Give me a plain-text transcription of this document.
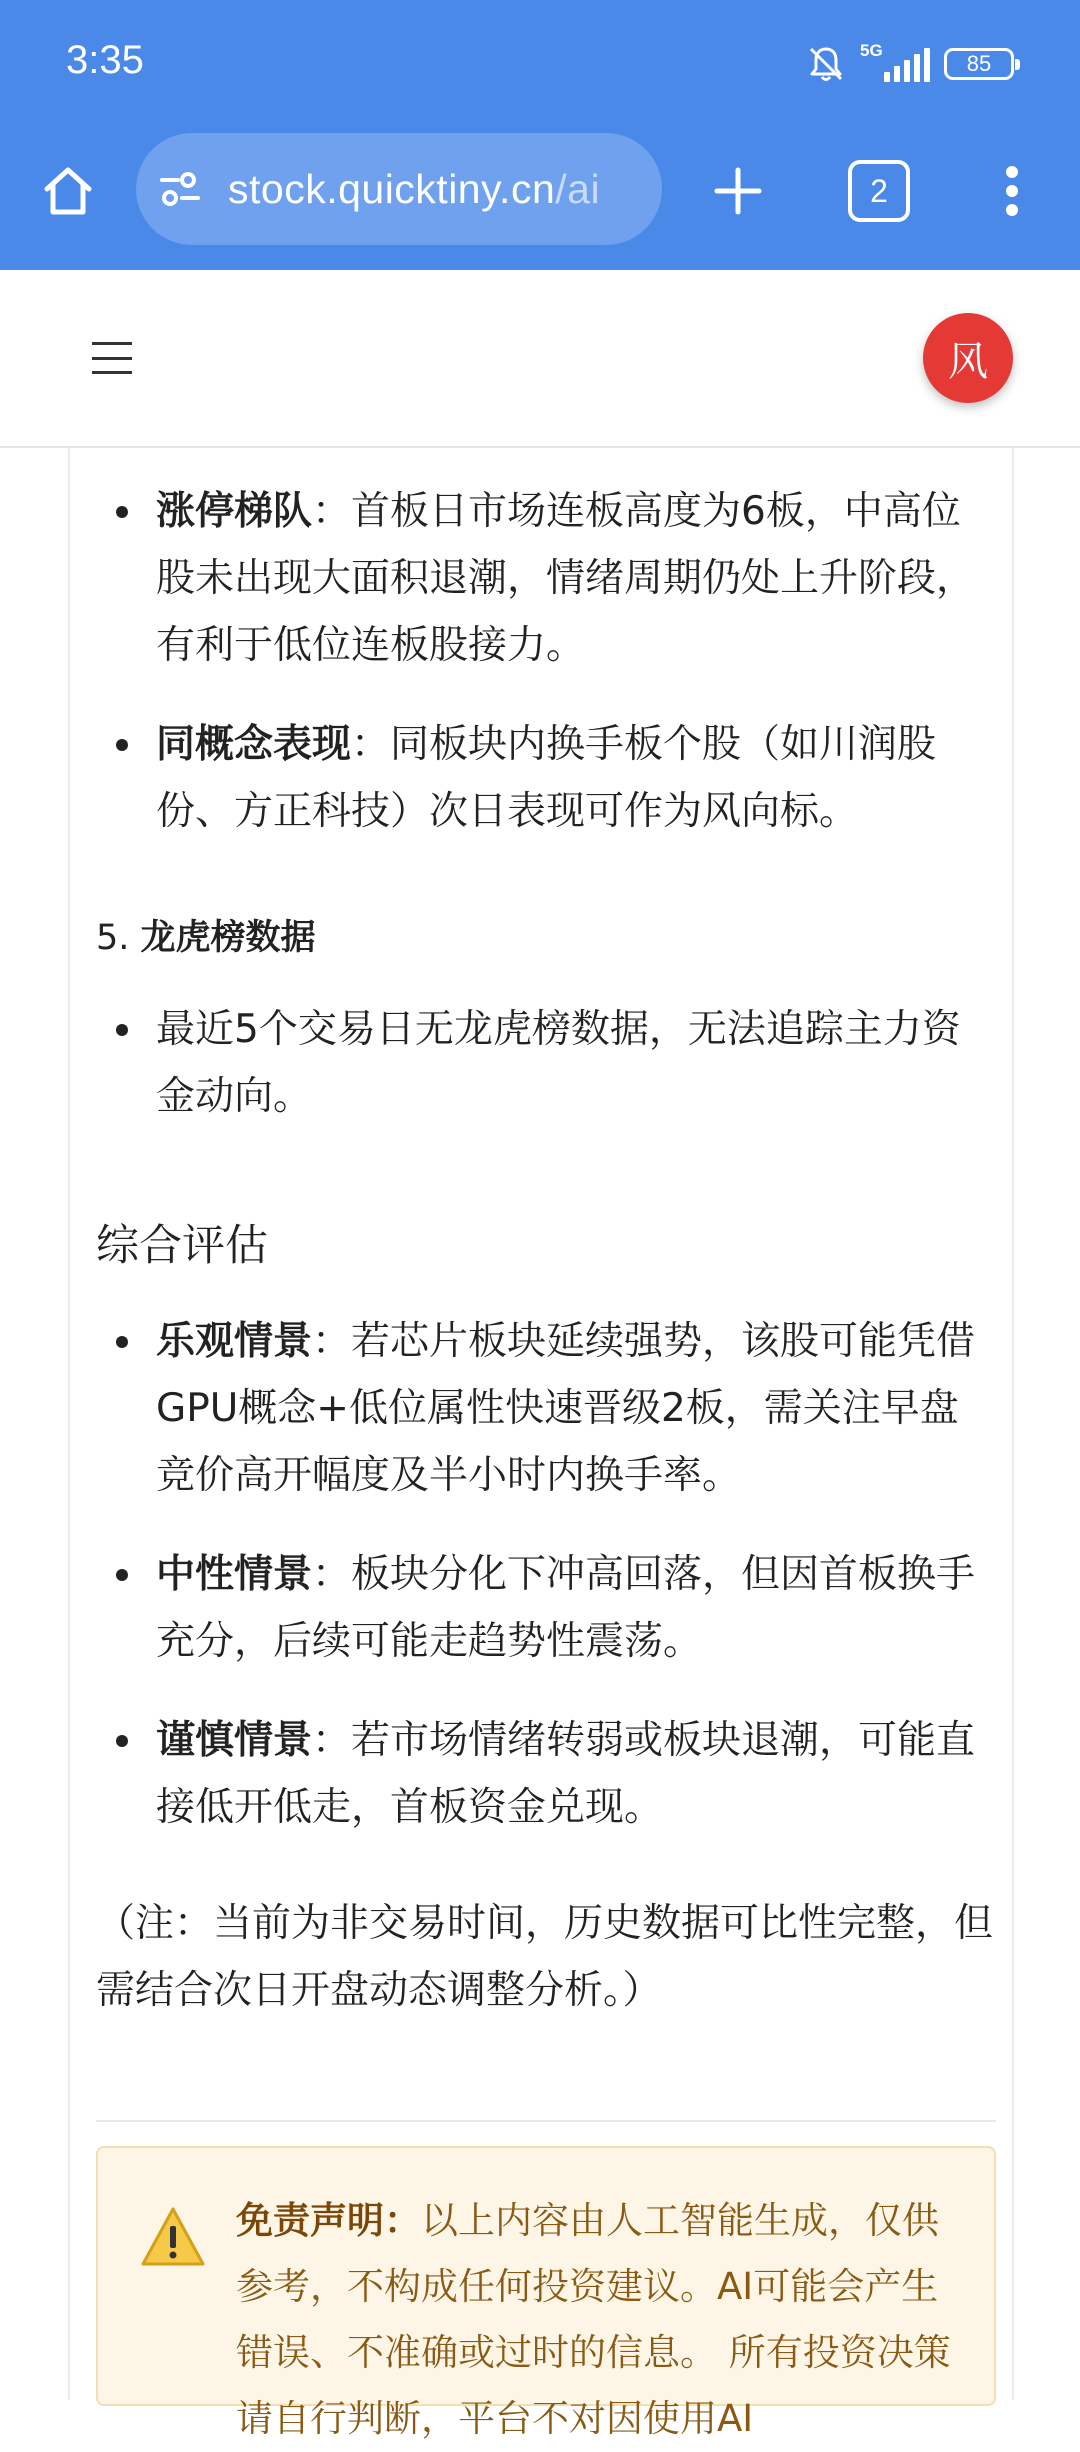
3:35	5G
85
stock.quicktiny.cn/ai	2
风
涨停梯队：首板日市场连板高度为6板，中高位股未出现大面积退潮，情绪周期仍处上升阶段，有利于低位连板股接力。
同概念表现：同板块内换手板个股（如川润股份、方正科技）次日表现可作为风向标。
5. 龙虎榜数据
最近5个交易日无龙虎榜数据，无法追踪主力资金动向。
综合评估
乐观情景：若芯片板块延续强势，该股可能凭借GPU概念+低位属性快速晋级2板，需关注早盘竞价高开幅度及半小时内换手率。
中性情景：板块分化下冲高回落，但因首板换手充分，后续可能走趋势性震荡。
谨慎情景：若市场情绪转弱或板块退潮，可能直接低开低走，首板资金兑现。
（注：当前为非交易时间，历史数据可比性完整，但需结合次日开盘动态调整分析。）
免责声明：以上内容由人工智能生成，仅供参考，不构成任何投资建议。AI可能会产生错误、不准确或过时的信息。 所有投资决策请自行判断，平台不对因使用AI
